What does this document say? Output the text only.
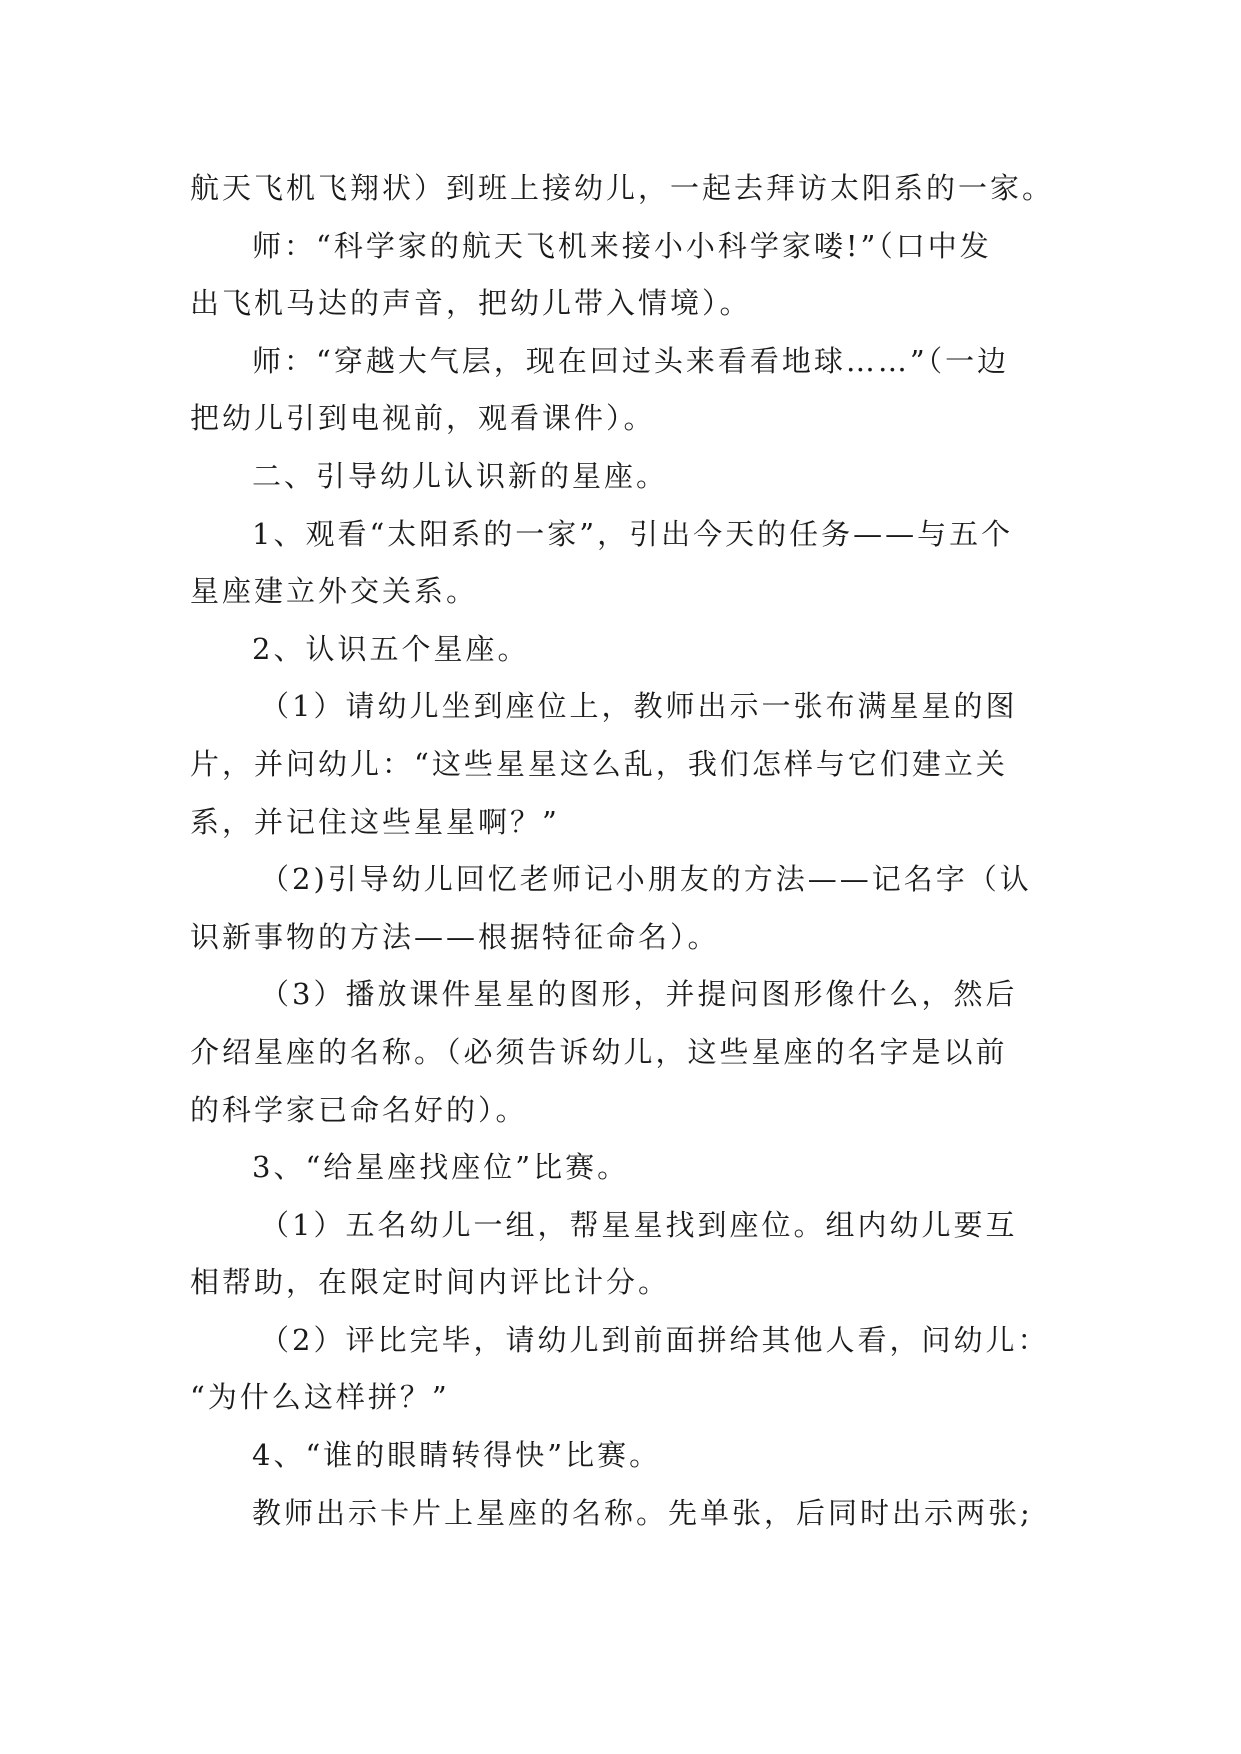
航天飞机飞翔状）到班上接幼儿，一起去拜访太阳系的一家。
师：“科学家的航天飞机来接小小科学家喽!”（口中发
出飞机马达的声音，把幼儿带入情境）。
师：“穿越大气层，现在回过头来看看地球……”（一边
把幼儿引到电视前，观看课件）。
二、引导幼儿认识新的星座。
1、观看“太阳系的一家”，引出今天的任务——与五个
星座建立外交关系。
2、认识五个星座。
（1）请幼儿坐到座位上，教师出示一张布满星星的图
片，并问幼儿：“这些星星这么乱，我们怎样与它们建立关
系，并记住这些星星啊？”
（2)引导幼儿回忆老师记小朋友的方法——记名字（认
识新事物的方法——根据特征命名）。
（3）播放课件星星的图形，并提问图形像什么，然后
介绍星座的名称。（必须告诉幼儿，这些星座的名字是以前
的科学家已命名好的）。
3、“给星座找座位”比赛。
（1）五名幼儿一组，帮星星找到座位。组内幼儿要互
相帮助，在限定时间内评比计分。
（2）评比完毕，请幼儿到前面拼给其他人看，问幼儿：
“为什么这样拼？”
4、“谁的眼睛转得快”比赛。
教师出示卡片上星座的名称。先单张，后同时出示两张;
